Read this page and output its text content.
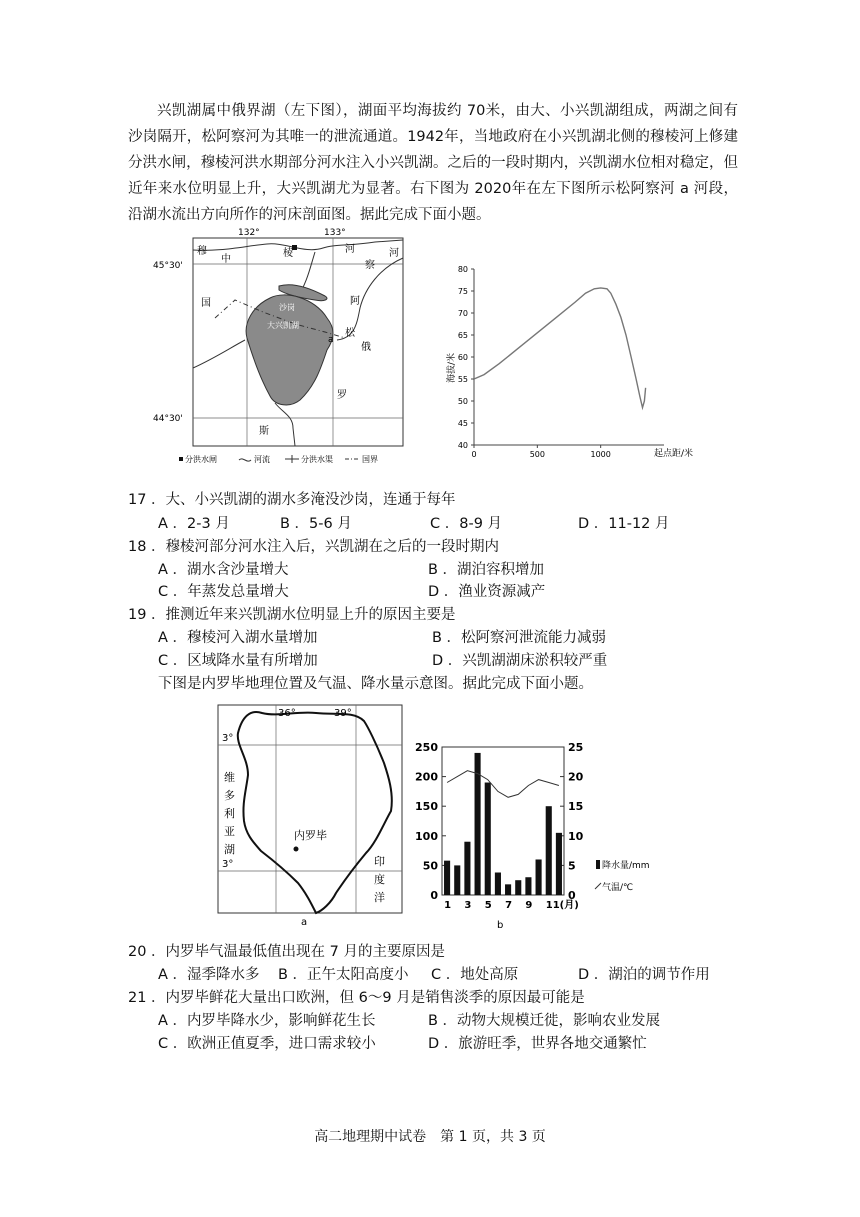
兴凯湖属中俄界湖（左下图），湖面平均海拔约 70米，由大、小兴凯湖组成，两湖之间有沙岗隔开，松阿察河为其唯一的泄流通道。1942年，当地政府在小兴凯湖北侧的穆棱河上修建分洪水闸，穆棱河洪水期部分河水注入小兴凯湖。之后的一段时期内，兴凯湖水位相对稳定，但近年来水位明显上升，大兴凯湖尤为显著。右下图为 2020年在左下图所示松阿察河 a 河段，沿湖水流出方向所作的河床剖面图。据此完成下面小题。
132°	133°
45°30'
44°30'
穆
中
棱	河	河
察
国	阿
松
俄
罗
斯
沙岗
大兴凯湖
a
分洪水闸	河流	分洪水渠	国界
海拔/米
起点距/米
40
45
50
55
60
65
70
75
80
0	500	1000
17 ．大、小兴凯湖的湖水多淹没沙岗，连通于每年
A ．2-3 月	B ．5-6 月	C ．8-9 月	D ．11-12 月
18 ．穆棱河部分河水注入后，兴凯湖在之后的一段时期内
A ．湖水含沙量增大	B ．湖泊容积增加
C ．年蒸发总量增大	D ．渔业资源减产
19 ．推测近年来兴凯湖水位明显上升的原因主要是
A ．穆棱河入湖水量增加	B ．松阿察河泄流能力减弱
C ．区域降水量有所增加	D ．兴凯湖湖床淤积较严重
下图是内罗毕地理位置及气温、降水量示意图。据此完成下面小题。
36°	39°
3°
3°
维
多
利
亚
湖
内罗毕
印
度
洋
a
0
50
100
150
200
250
0
5
10
15
20
25
1 3 5 7 9 11(月)
降水量/mm
气温/℃
b
20 ．内罗毕气温最低值出现在 7 月的主要原因是
A ．湿季降水多 B ．正午太阳高度小 C ．地处高原	D ．湖泊的调节作用
21 ．内罗毕鲜花大量出口欧洲，但 6～9 月是销售淡季的原因最可能是
A ．内罗毕降水少，影响鲜花生长	B ．动物大规模迁徙，影响农业发展
C ．欧洲正值夏季，进口需求较小	D ．旅游旺季，世界各地交通繁忙
高二地理期中试卷　第 1 页，共 3 页
